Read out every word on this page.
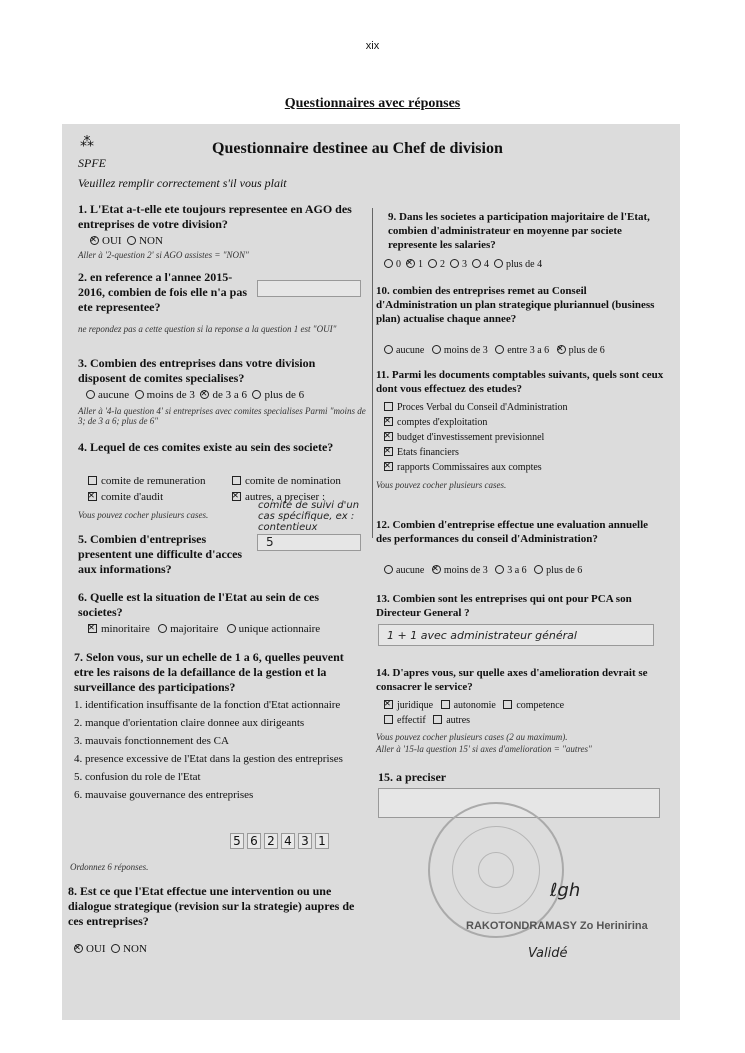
xix
Questionnaires avec réponses
⁂	Questionnaire destinee au Chef de division
SPFE
Veuillez remplir correctement s'il vous plait
1. L'Etat a-t-elle ete toujours representee en AGO des entreprises de votre division?
×OUI NON
Aller à '2-question 2' si AGO assistes = "NON"
2. en reference a l'annee 2015-2016, combien de fois elle n'a pas ete representee?
ne repondez pas a cette question si la reponse a la question 1 est "OUI"
3. Combien des entreprises dans votre division disposent de comites specialises?
aucune moins de 3 × de 3 a 6 plus de 6
Aller à '4-la question 4' si entreprises avec comites specialises Parmi "moins de 3; de 3 a 6; plus de 6"
4. Lequel de ces comites existe au sein des societe?
comite de remuneration	comite de nomination
×comite d'audit ×	autres, a preciser :
comité de suivi d'un cas spécifique, ex : contentieux
Vous pouvez cocher plusieurs cases.
5. Combien d'entreprises presentent une difficulte d'acces aux informations?
5
6. Quelle est la situation de l'Etat au sein de ces societes?
×minoritaire majoritaire unique actionnaire
7. Selon vous, sur un echelle de 1 a 6, quelles peuvent etre les raisons de la defaillance de la gestion et la surveillance des participations?
1. identification insuffisante de la fonction d'Etat actionnaire
2. manque d'orientation claire donnee aux dirigeants
3. mauvais fonctionnement des CA
4. presence excessive de l'Etat dans la gestion des entreprises
5. confusion du role de l'Etat
6. mauvaise gouvernance des entreprises
5 6 2 4 3 1
Ordonnez 6 réponses.
8. Est ce que l'Etat effectue une intervention ou une dialogue strategique (revision sur la strategie) aupres de ces entreprises?
×OUI NON
9. Dans les societes a participation majoritaire de l'Etat, combien d'administrateur en moyenne par societe represente les salaries?
0 × 1 2 3 4 plus de 4
10. combien des entreprises remet au Conseil d'Administration un plan strategique pluriannuel (business plan) actualise chaque annee?
aucune moins de 3 entre 3 a 6 × plus de 6
11. Parmi les documents comptables suivants, quels sont ceux dont vous effectuez des etudes?
Proces Verbal du Conseil d'Administration
×comptes d'exploitation
×budget d'investissement previsionnel
×Etats financiers
×rapports Commissaires aux comptes
Vous pouvez cocher plusieurs cases.
12. Combien d'entreprise effectue une evaluation annuelle des performances du conseil d'Administration?
aucune × moins de 3 3 a 6 plus de 6
13. Combien sont les entreprises qui ont pour PCA son Directeur General ?
1 + 1 avec administrateur général
14. D'apres vous, sur quelle axes d'amelioration devrait se consacrer le service?
×juridique autonomie competence
effectif autres
Vous pouvez cocher plusieurs cases (2 au maximum).
Aller à '15-la question 15' si axes d'amelioration = "autres"
15. a preciser
ℓgh
RAKOTONDRAMASY Zo Herinirina
Validé
